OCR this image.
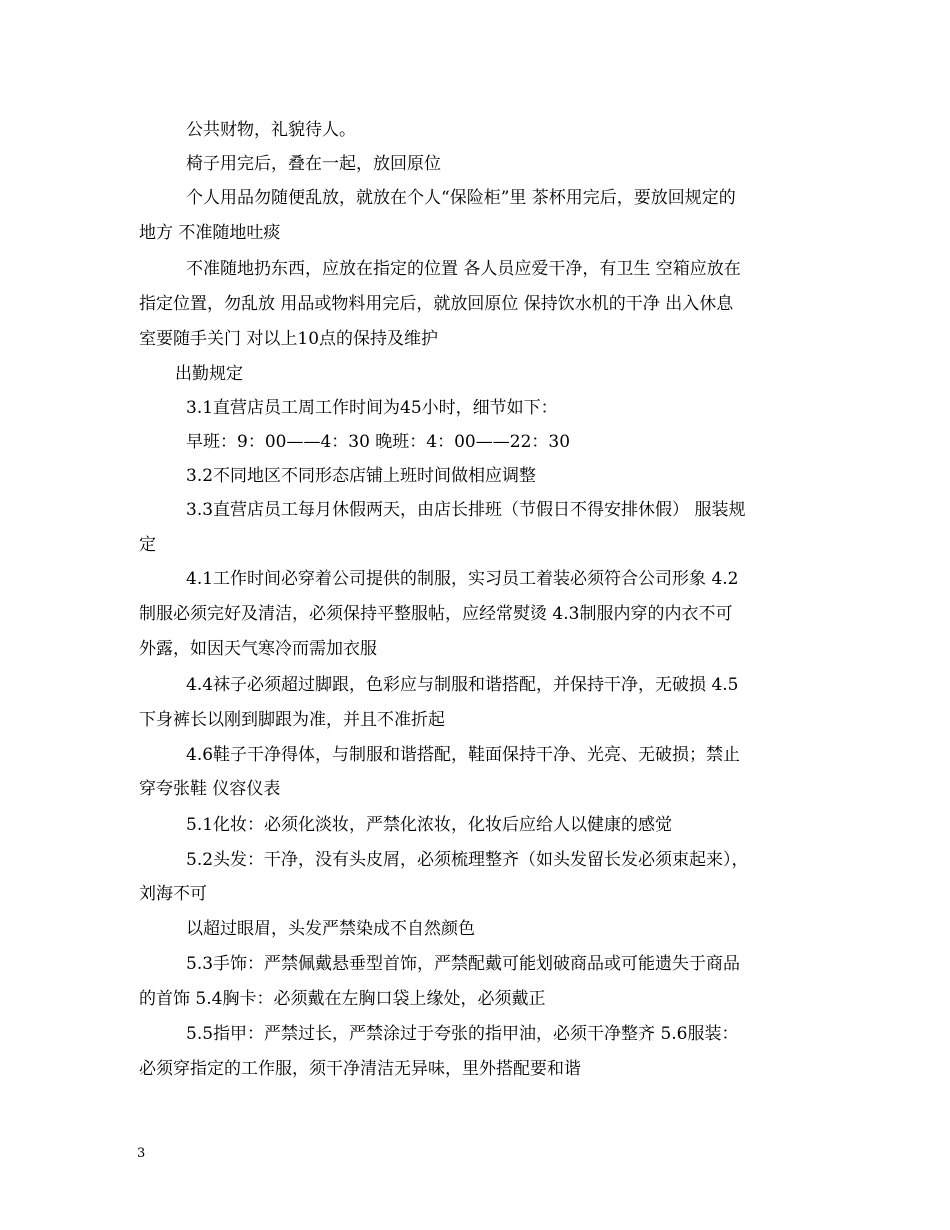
公共财物，礼貌待人。
椅子用完后，叠在一起，放回原位
个人用品勿随便乱放，就放在个人“保险柜”里 茶杯用完后，要放回规定的
地方 不准随地吐痰
不准随地扔东西，应放在指定的位置 各人员应爱干净，有卫生 空箱应放在
指定位置，勿乱放 用品或物料用完后，就放回原位 保持饮水机的干净 出入休息
室要随手关门 对以上10点的保持及维护
出勤规定
3.1直营店员工周工作时间为45小时，细节如下：
早班：9：00——4：30 晚班：4：00——22：30
3.2不同地区不同形态店铺上班时间做相应调整
3.3直营店员工每月休假两天，由店长排班（节假日不得安排休假） 服装规
定
4.1工作时间必穿着公司提供的制服，实习员工着装必须符合公司形象 4.2
制服必须完好及清洁，必须保持平整服帖，应经常熨烫 4.3制服内穿的内衣不可
外露，如因天气寒冷而需加衣服
4.4袜子必须超过脚跟，色彩应与制服和谐搭配，并保持干净，无破损 4.5
下身裤长以刚到脚跟为准，并且不准折起
4.6鞋子干净得体，与制服和谐搭配，鞋面保持干净、光亮、无破损；禁止
穿夸张鞋 仪容仪表
5.1化妆：必须化淡妆，严禁化浓妆，化妆后应给人以健康的感觉
5.2头发：干净，没有头皮屑，必须梳理整齐（如头发留长发必须束起来），
刘海不可
以超过眼眉，头发严禁染成不自然颜色
5.3手饰：严禁佩戴悬垂型首饰，严禁配戴可能划破商品或可能遗失于商品
的首饰 5.4胸卡：必须戴在左胸口袋上缘处，必须戴正
5.5指甲：严禁过长，严禁涂过于夸张的指甲油，必须干净整齐 5.6服装：
必须穿指定的工作服，须干净清洁无异味，里外搭配要和谐
3
